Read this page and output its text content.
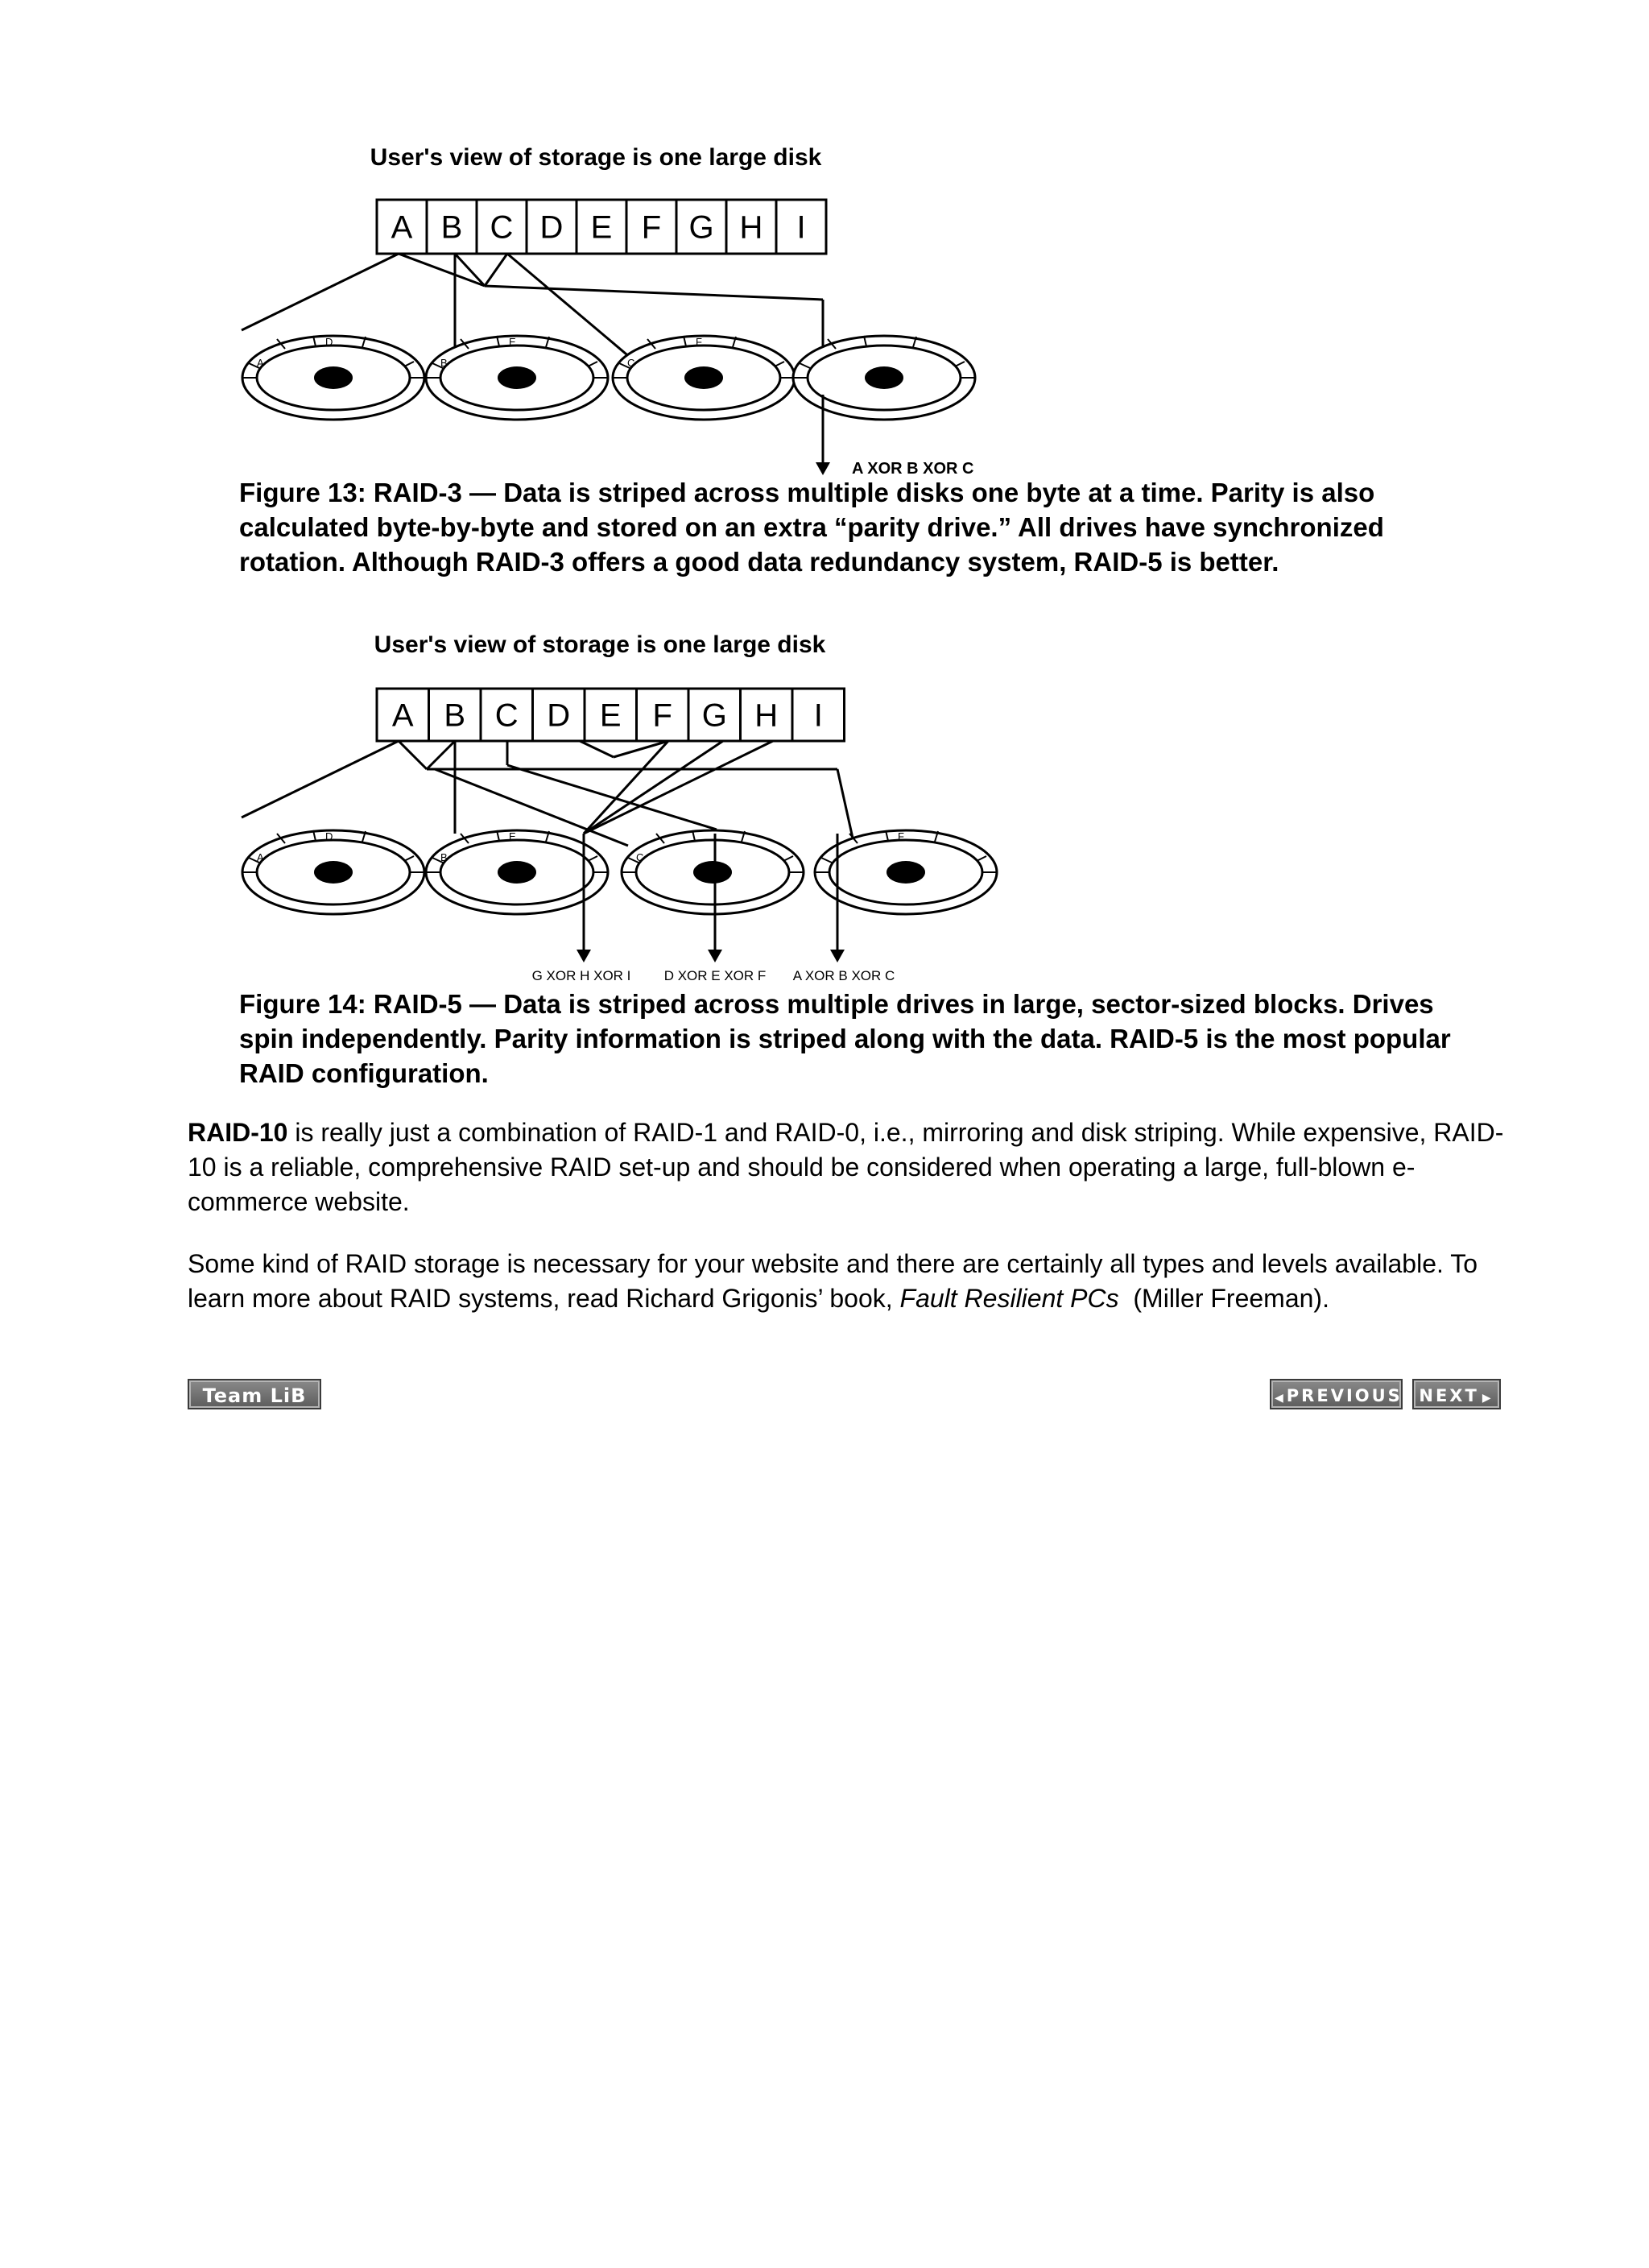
User's view of storage is one large disk
A B C D E F G H I
A
D
B
E
C
F
A XOR B XOR C
Figure 13: RAID-3 — Data is striped across multiple disks one byte at a time. Parity is also calculated byte-by-byte and stored on an extra “parity drive.” All drives have synchronized rotation. Although RAID-3 offers a good data redundancy system, RAID-5 is better.
User's view of storage is one large disk
A B C D E F G H I
A
D
B
E
C
F
G XOR H XOR I D XOR E XOR F A XOR B XOR C
Figure 14: RAID-5 — Data is striped across multiple drives in large, sector-sized blocks. Drives spin independently. Parity information is striped along with the data. RAID-5 is the most popular RAID configuration.

RAID-10 is really just a combination of RAID-1 and RAID-0, i.e., mirroring and disk striping. While expensive, RAID-10 is a reliable, comprehensive RAID set-up and should be considered when operating a large, full-blown e-commerce website.

Some kind of RAID storage is necessary for your website and there are certainly all types and levels available. To learn more about RAID systems, read Richard Grigonis’ book, Fault Resilient PCs  (Miller Freeman).

Team LiB	◀ PREVIOUS NEXT ▶
